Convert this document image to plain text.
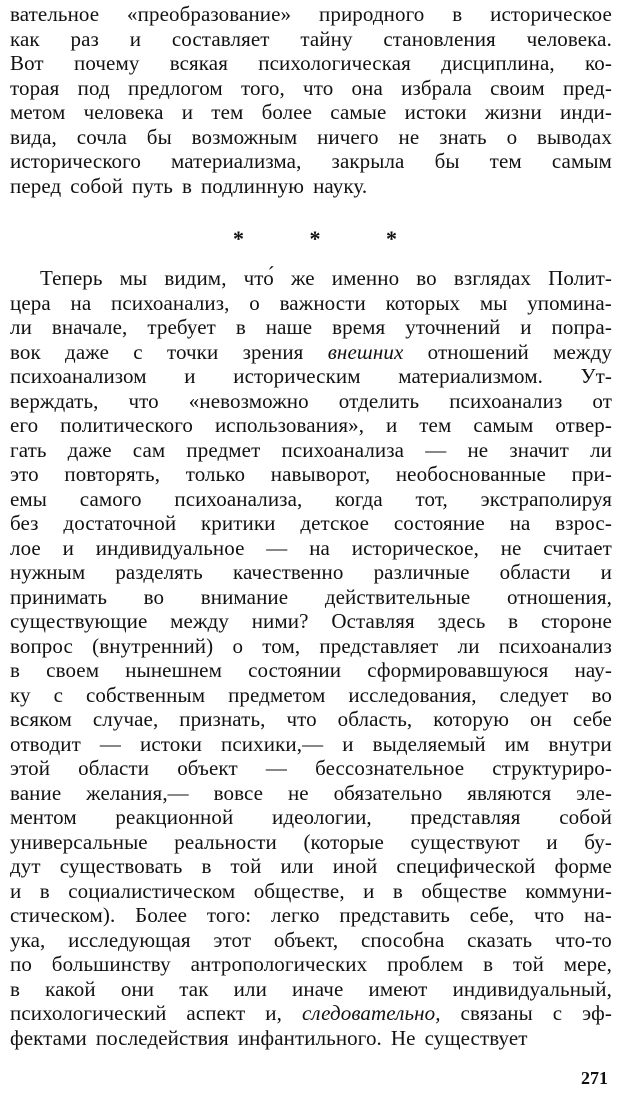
вательное «преобразование» природного в историческое
как раз и составляет тайну становления человека.
Вот почему всякая психологическая дисциплина, ко-
торая под предлогом того, что она избрала своим пред-
метом человека и тем более самые истоки жизни инди-
вида, сочла бы возможным ничего не знать о выводах
исторического материализма, закрыла бы тем самым
перед собой путь в подлинную науку.
* * *
Теперь мы видим, что́ же именно во взглядах Полит-
цера на психоанализ, о важности которых мы упомина-
ли вначале, требует в наше время уточнений и попра-
вок даже с точки зрения внешних отношений между
психоанализом и историческим материализмом. Ут-
верждать, что «невозможно отделить психоанализ от
его политического использования», и тем самым отвер-
гать даже сам предмет психоанализа — не значит ли
это повторять, только навыворот, необоснованные при-
емы самого психоанализа, когда тот, экстраполируя
без достаточной критики детское состояние на взрос-
лое и индивидуальное — на историческое, не считает
нужным разделять качественно различные области и
принимать во внимание действительные отношения,
существующие между ними? Оставляя здесь в стороне
вопрос (внутренний) о том, представляет ли психоанализ
в своем нынешнем состоянии сформировавшуюся нау-
ку с собственным предметом исследования, следует во
всяком случае, признать, что область, которую он себе
отводит — истоки психики,— и выделяемый им внутри
этой области объект — бессознательное структуриро-
вание желания,— вовсе не обязательно являются эле-
ментом реакционной идеологии, представляя собой
универсальные реальности (которые существуют и бу-
дут существовать в той или иной специфической форме
и в социалистическом обществе, и в обществе коммуни-
стическом). Более того: легко представить себе, что на-
ука, исследующая этот объект, способна сказать что-то
по большинству антропологических проблем в той мере,
в какой они так или иначе имеют индивидуальный,
психологический аспект и, следовательно, связаны с эф-
фектами последействия инфантильного. Не существует
271
